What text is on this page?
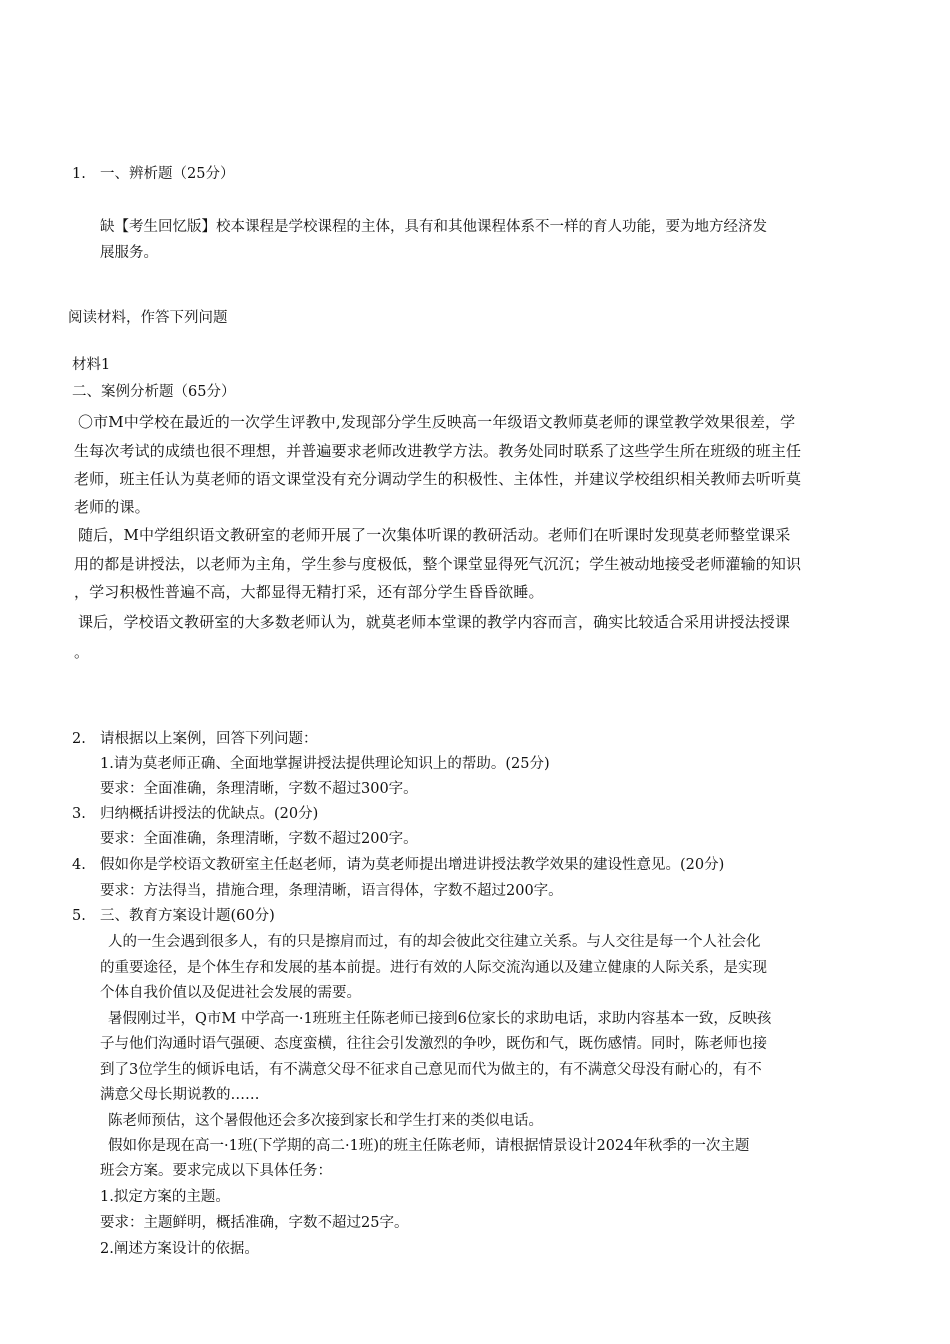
1. 一、辨析题（25分）
缺【考生回忆版】校本课程是学校课程的主体，具有和其他课程体系不一样的育人功能，要为地方经济发
展服务。
阅读材料，作答下列问题
材料1
二、案例分析题（65分）
〇市M中学校在最近的一次学生评教中,发现部分学生反映高一年级语文教师莫老师的课堂教学效果很差，学
生每次考试的成绩也很不理想，并普遍要求老师改进教学方法。教务处同时联系了这些学生所在班级的班主任
老师，班主任认为莫老师的语文课堂没有充分调动学生的积极性、主体性，并建议学校组织相关教师去听听莫
老师的课。
随后，M中学组织语文教研室的老师开展了一次集体听课的教研活动。老师们在听课时发现莫老师整堂课采
用的都是讲授法，以老师为主角，学生参与度极低，整个课堂显得死气沉沉；学生被动地接受老师灌输的知识
，学习积极性普遍不高，大都显得无精打采，还有部分学生昏昏欲睡。
课后，学校语文教研室的大多数老师认为，就莫老师本堂课的教学内容而言，确实比较适合采用讲授法授课
。
2. 请根据以上案例，回答下列问题：
1.请为莫老师正确、全面地掌握讲授法提供理论知识上的帮助。(25分)
要求：全面准确，条理清晰，字数不超过300字。
3. 归纳概括讲授法的优缺点。(20分)
要求：全面准确，条理清晰，字数不超过200字。
4. 假如你是学校语文教研室主任赵老师，请为莫老师提出增进讲授法教学效果的建设性意见。(20分)
要求：方法得当，措施合理，条理清晰，语言得体，字数不超过200字。
5. 三、教育方案设计题(60分)
人的一生会遇到很多人，有的只是擦肩而过，有的却会彼此交往建立关系。与人交往是每一个人社会化
的重要途径，是个体生存和发展的基本前提。进行有效的人际交流沟通以及建立健康的人际关系，是实现
个体自我价值以及促进社会发展的需要。
暑假刚过半，Q市M 中学高一·1班班主任陈老师已接到6位家长的求助电话，求助内容基本一致，反映孩
子与他们沟通时语气强硬、态度蛮横，往往会引发激烈的争吵，既伤和气，既伤感情。同时，陈老师也接
到了3位学生的倾诉电话，有不满意父母不征求自己意见而代为做主的，有不满意父母没有耐心的，有不
满意父母长期说教的……
陈老师预估，这个暑假他还会多次接到家长和学生打来的类似电话。
假如你是现在高一·1班(下学期的高二·1班)的班主任陈老师，请根据情景设计2024年秋季的一次主题
班会方案。要求完成以下具体任务：
1.拟定方案的主题。
要求：主题鲜明，概括准确，字数不超过25字。
2.阐述方案设计的依据。
